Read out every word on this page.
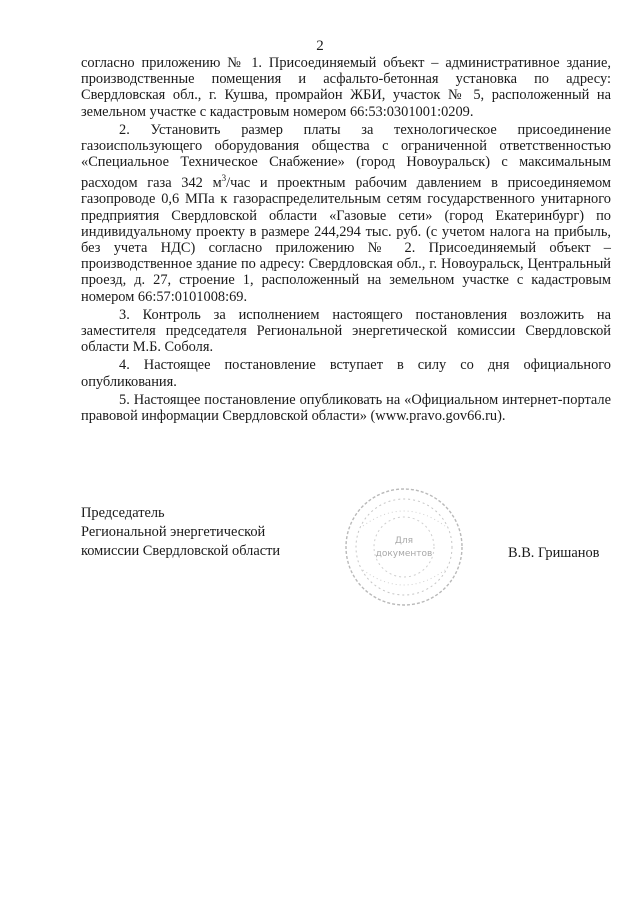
2

согласно приложению № 1. Присоединяемый объект – административное здание, производственные помещения и асфальто-бетонная установка по адресу: Свердловская обл., г. Кушва, промрайон ЖБИ, участок № 5, расположенный на земельном участке с кадастровым номером 66:53:0301001:0209.

2. Установить размер платы за технологическое присоединение газоиспользующего оборудования общества с ограниченной ответственностью «Специальное Техническое Снабжение» (город Новоуральск) с максимальным расходом газа 342 $м^3$/час и проектным рабочим давлением в присоединяемом газопроводе 0,6 МПа к газораспределительным сетям государственного унитарного предприятия Свердловской области «Газовые сети» (город Екатеринбург) по индивидуальному проекту в размере 244,294 тыс. руб. (с учетом налога на прибыль, без учета НДС) согласно приложению № 2. Присоединяемый объект – производственное здание по адресу: Свердловская обл., г. Новоуральск, Центральный проезд, д. 27, строение 1, расположенный на земельном участке с кадастровым номером 66:57:0101008:69.

3. Контроль за исполнением настоящего постановления возложить на заместителя председателя Региональной энергетической комиссии Свердловской области М.Б. Соболя.

4. Настоящее постановление вступает в силу со дня официального опубликования.

5. Настоящее постановление опубликовать на «Официальном интернет-портале правовой информации Свердловской области» (www.pravo.gov66.ru).

Председатель
Региональной энергетической
комиссии Свердловской области
Для
документов	В.В. Гришанов
